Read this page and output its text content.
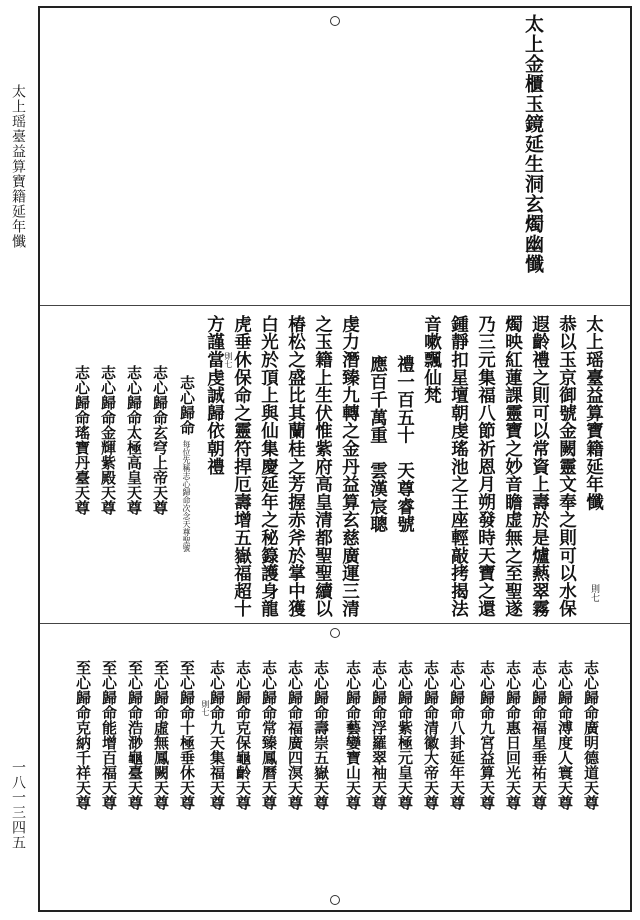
太上瑶臺益算寶籍延年懺
一八一三四五
太上金櫃玉鏡延生洞玄燭幽懺
太上瑶臺益算寶籍延年懺
則七
恭以玉京御號金闕靈文奉之則可以水保
遐齡禮之則可以常資上壽於是爐爇翠霧
燭映紅蓮課靈寶之妙音瞻虚無之至聖遂
乃三元集福八節祈恩月朔發時天寶之還
鍾靜扣星壇朝虔瑤池之王座輕敲拷揭法
音嗽飄仙梵
禮一百五十　天尊睿號
應百千萬重　雲漢宸聰
虔力潛臻九轉之金丹益算玄慈廣運三清
之玉籍上生伏惟紫府高皇清都聖聖續以
椿松之盛比其蘭桂之芳握赤斧於掌中獲
白光於頂上與仙集慶延年之秘籙護身龍
虎垂休保命之靈符捍厄壽增五嶽福超十
方謹當虔誠歸依朝禮 則七
志心歸命
每位先稱志心歸命次念天尊聖號
志心歸命玄穹上帝天尊
志心歸命太極高皇天尊
志心歸命金輝紫殿天尊
志心歸命瑤寶丹臺天尊
志心歸命廣明德道天尊
志心歸命溥度人寰天尊
志心歸命福星垂祐天尊
志心歸命惠日回光天尊
志心歸命九宮益算天尊
志心歸命八卦延年天尊
志心歸命清徽大帝天尊
志心歸命紫極元皇天尊
志心歸命浮羅翠袖天尊
志心歸命藝孌寶山天尊
志心歸命壽崇五嶽天尊
志心歸命福廣四溟天尊
志心歸命常臻鳳曆天尊
志心歸命克保龜齡天尊
志心歸命九天集福天尊
則七
至心歸命十極垂休天尊
至心歸命虛無鳳闕天尊
至心歸命浩渺龜臺天尊
至心歸命能增百福天尊
至心歸命克納千祥天尊
